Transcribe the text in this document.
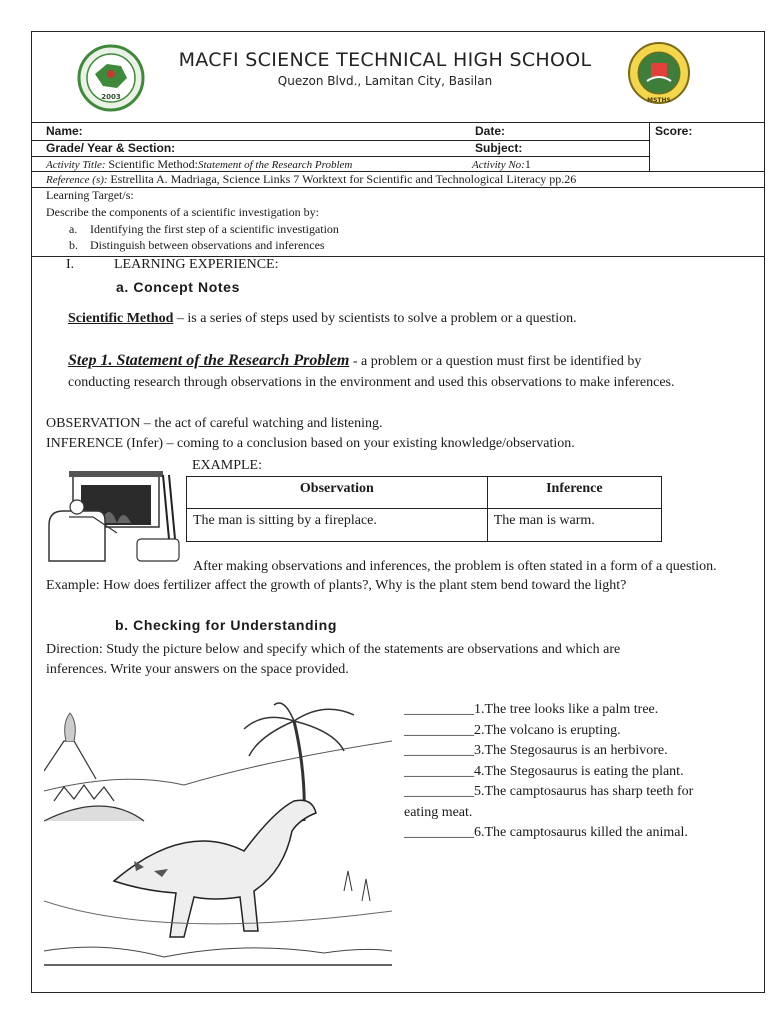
2003	MSTHS
MACFI SCIENCE TECHNICAL HIGH SCHOOL
Quezon Blvd., Lamitan City, Basilan
Name:	Date:	Score:
Grade/ Year & Section:	Subject:
Activity Title: Scientific Method:Statement of the Research Problem	Activity No:1
Reference (s): Estrellita A. Madriaga, Science Links 7 Worktext for Scientific and Technological Literacy pp.26
Learning Target/s:
Describe the components of a scientific investigation by:
a. Identifying the first step of a scientific investigation
b. Distinguish between observations and inferences
I.	LEARNING EXPERIENCE:
a. Concept Notes
Scientific Method – is a series of steps used by scientists to solve a problem or a question.
Step 1. Statement of the Research Problem - a problem or a question must first be identified by
conducting research through observations in the environment and used this observations to make inferences.
OBSERVATION – the act of careful watching and listening.
INFERENCE (Infer) – coming to a conclusion based on your existing knowledge/observation.
EXAMPLE:
Observation	Inference
The man is sitting by a fireplace.	The man is warm.
After making observations and inferences, the problem is often stated in a form of a question.
Example: How does fertilizer affect the growth of plants?, Why is the plant stem bend toward the light?
b. Checking for Understanding
Direction: Study the picture below and specify which of the statements are observations and which are
inferences. Write your answers on the space provided.
__________1.The tree looks like a palm tree.
__________2.The volcano is erupting.
__________3.The Stegosaurus is an herbivore.
__________4.The Stegosaurus is eating the plant.
__________5.The camptosaurus has sharp teeth for
eating meat.
__________6.The camptosaurus killed the animal.
